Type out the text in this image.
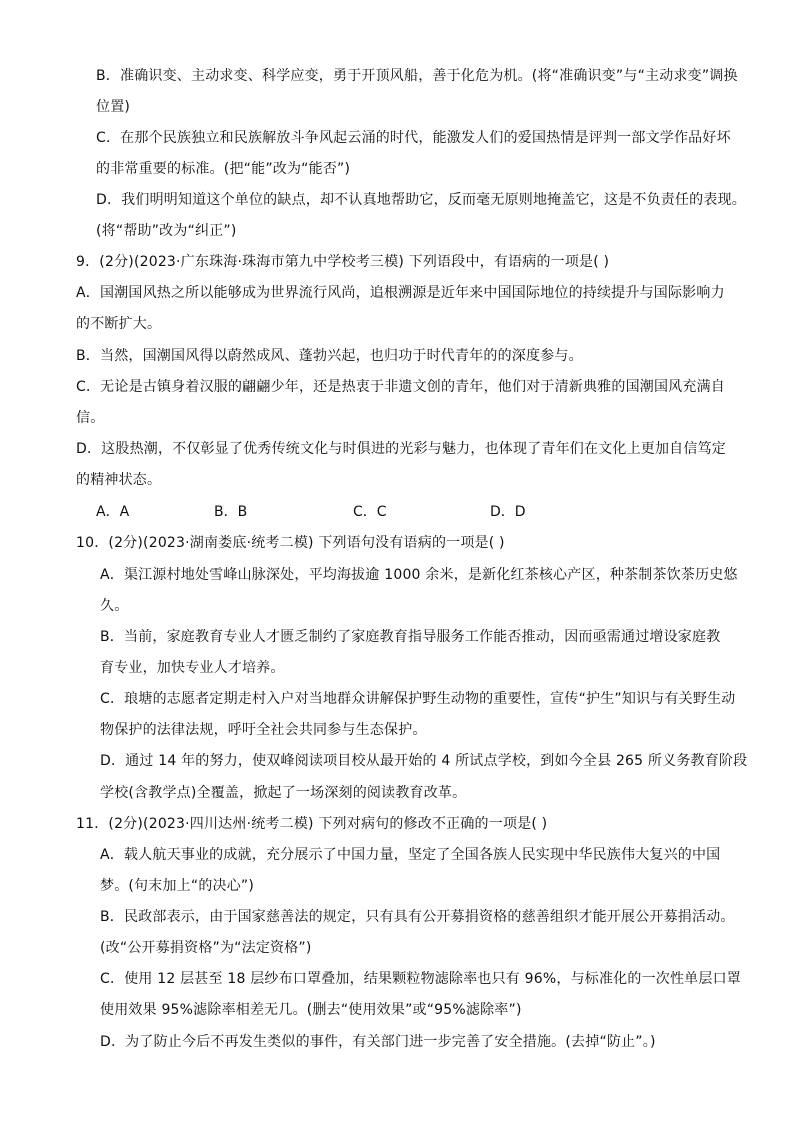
B．准确识变、主动求变、科学应变，勇于开顶风船，善于化危为机。(将“准确识变”与“主动求变”调换
位置)
C．在那个民族独立和民族解放斗争风起云涌的时代，能激发人们的爱国热情是评判一部文学作品好坏
的非常重要的标准。(把“能”改为“能否”)
D．我们明明知道这个单位的缺点，却不认真地帮助它，反而毫无原则地掩盖它，这是不负责任的表现。
(将“帮助”改为“纠正”)
9．(2分)(2023·广东珠海·珠海市第九中学校考三模) 下列语段中，有语病的一项是( )
A．国潮国风热之所以能够成为世界流行风尚，追根溯源是近年来中国国际地位的持续提升与国际影响力
的不断扩大。
B．当然，国潮国风得以蔚然成风、蓬勃兴起，也归功于时代青年的的深度参与。
C．无论是古镇身着汉服的翩翩少年，还是热衷于非遗文创的青年，他们对于清新典雅的国潮国风充满自
信。
D．这股热潮，不仅彰显了优秀传统文化与时俱进的光彩与魅力，也体现了青年们在文化上更加自信笃定
的精神状态。
A．A	B．B	C．C	D．D
10．(2分)(2023·湖南娄底·统考二模) 下列语句没有语病的一项是( )
A．渠江源村地处雪峰山脉深处，平均海拔逾 1000 余米，是新化红茶核心产区，种茶制茶饮茶历史悠
久。
B．当前，家庭教育专业人才匮乏制约了家庭教育指导服务工作能否推动，因而亟需通过增设家庭教
育专业，加快专业人才培养。
C．琅塘的志愿者定期走村入户对当地群众讲解保护野生动物的重要性，宣传“护生”知识与有关野生动
物保护的法律法规，呼吁全社会共同参与生态保护。
D．通过 14 年的努力，使双峰阅读项目校从最开始的 4 所试点学校，到如今全县 265 所义务教育阶段
学校(含教学点)全覆盖，掀起了一场深刻的阅读教育改革。
11．(2分)(2023·四川达州·统考二模) 下列对病句的修改不正确的一项是( )
A．载人航天事业的成就，充分展示了中国力量，坚定了全国各族人民实现中华民族伟大复兴的中国
梦。(句末加上“的决心”)
B．民政部表示，由于国家慈善法的规定，只有具有公开募捐资格的慈善组织才能开展公开募捐活动。
(改“公开募捐资格”为“法定资格”)
C．使用 12 层甚至 18 层纱布口罩叠加，结果颗粒物滤除率也只有 96%，与标准化的一次性单层口罩
使用效果 95%滤除率相差无几。(删去“使用效果”或“95%滤除率”)
D．为了防止今后不再发生类似的事件，有关部门进一步完善了安全措施。(去掉“防止”。)
